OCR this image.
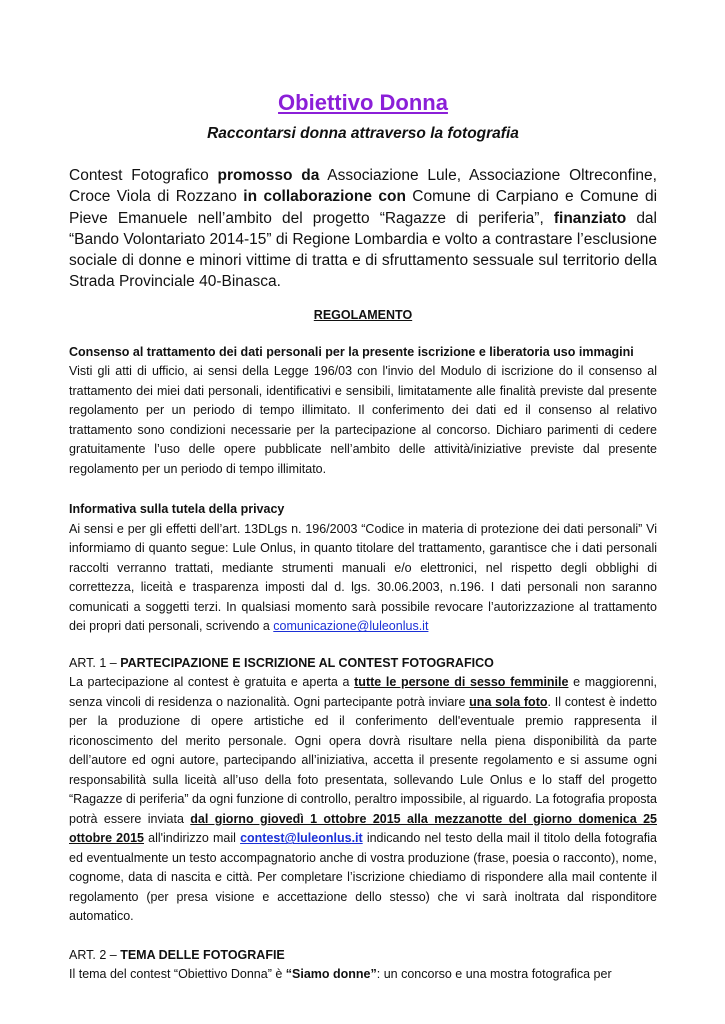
Obiettivo Donna

Raccontarsi donna attraverso la fotografia

Contest Fotografico promosso da Associazione Lule, Associazione Oltreconfine, Croce Viola di Rozzano in collaborazione con Comune di Carpiano e Comune di Pieve Emanuele nell’ambito del progetto “Ragazze di periferia”, finanziato dal “Bando Volontariato 2014-15” di Regione Lombardia e volto a contrastare l’esclusione sociale di donne e minori vittime di tratta e di sfruttamento sessuale sul territorio della Strada Provinciale 40-Binasca.

REGOLAMENTO

Consenso al trattamento dei dati personali per la presente iscrizione e liberatoria uso immagini

Visti gli atti di ufficio, ai sensi della Legge 196/03 con l'invio del Modulo di iscrizione do il consenso al trattamento dei miei dati personali, identificativi e sensibili, limitatamente alle finalità previste dal presente regolamento per un periodo di tempo illimitato. Il conferimento dei dati ed il consenso al relativo trattamento sono condizioni necessarie per la partecipazione al concorso. Dichiaro parimenti di cedere gratuitamente l’uso delle opere pubblicate nell’ambito delle attività/iniziative previste dal presente regolamento per un periodo di tempo illimitato.

Informativa sulla tutela della privacy

Ai sensi e per gli effetti dell’art. 13DLgs n. 196/2003 “Codice in materia di protezione dei dati personali” Vi informiamo di quanto segue: Lule Onlus, in quanto titolare del trattamento, garantisce che i dati personali raccolti verranno trattati, mediante strumenti manuali e/o elettronici, nel rispetto degli obblighi di correttezza, liceità e trasparenza imposti dal d. lgs. 30.06.2003, n.196. I dati personali non saranno comunicati a soggetti terzi. In qualsiasi momento sarà possibile revocare l’autorizzazione al trattamento dei propri dati personali, scrivendo a comunicazione@luleonlus.it

ART. 1 – PARTECIPAZIONE E ISCRIZIONE AL CONTEST FOTOGRAFICO

La partecipazione al contest è gratuita e aperta a tutte le persone di sesso femminile e maggiorenni, senza vincoli di residenza o nazionalità. Ogni partecipante potrà inviare una sola foto. Il contest è indetto per la produzione di opere artistiche ed il conferimento dell'eventuale premio rappresenta il riconoscimento del merito personale. Ogni opera dovrà risultare nella piena disponibilità da parte dell’autore ed ogni autore, partecipando all’iniziativa, accetta il presente regolamento e si assume ogni responsabilità sulla liceità all’uso della foto presentata, sollevando Lule Onlus e lo staff del progetto “Ragazze di periferia” da ogni funzione di controllo, peraltro impossibile, al riguardo. La fotografia proposta potrà essere inviata dal giorno giovedì 1 ottobre 2015 alla mezzanotte del giorno domenica 25 ottobre 2015 all'indirizzo mail contest@luleonlus.it indicando nel testo della mail il titolo della fotografia ed eventualmente un testo accompagnatorio anche di vostra produzione (frase, poesia o racconto), nome, cognome, data di nascita e città. Per completare l’iscrizione chiediamo di rispondere alla mail contente il regolamento (per presa visione e accettazione dello stesso) che vi sarà inoltrata dal risponditore automatico.

ART. 2 – TEMA DELLE FOTOGRAFIE

Il tema del contest “Obiettivo Donna” è “Siamo donne”: un concorso e una mostra fotografica per
